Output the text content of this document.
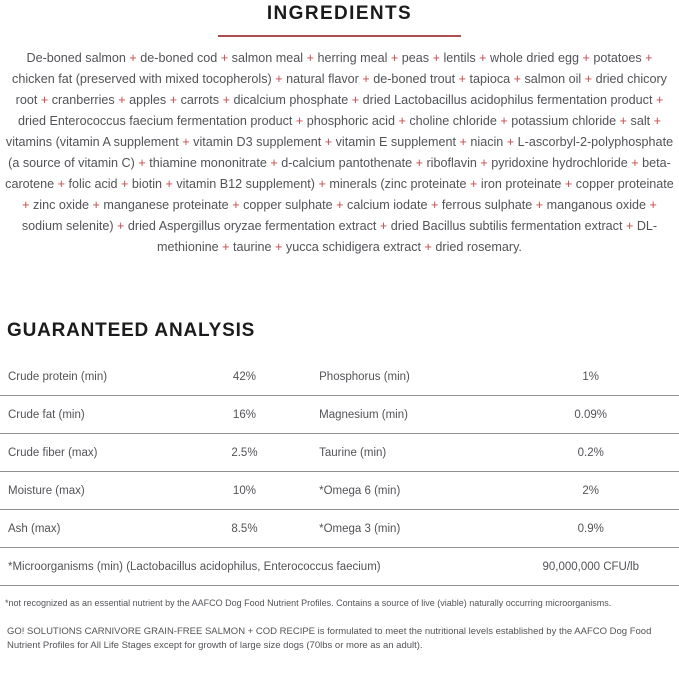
INGREDIENTS

De-boned salmon + de-boned cod + salmon meal + herring meal + peas + lentils + whole dried egg + potatoes + chicken fat (preserved with mixed tocopherols) + natural flavor + de-boned trout + tapioca + salmon oil + dried chicory root + cranberries + apples + carrots + dicalcium phosphate + dried Lactobacillus acidophilus fermentation product + dried Enterococcus faecium fermentation product + phosphoric acid + choline chloride + potassium chloride + salt + vitamins (vitamin A supplement + vitamin D3 supplement + vitamin E supplement + niacin + L-ascorbyl-2-polyphosphate (a source of vitamin C) + thiamine mononitrate + d-calcium pantothenate + riboflavin + pyridoxine hydrochloride + beta-carotene + folic acid + biotin + vitamin B12 supplement) + minerals (zinc proteinate + iron proteinate + copper proteinate + zinc oxide + manganese proteinate + copper sulphate + calcium iodate + ferrous sulphate + manganous oxide + sodium selenite) + dried Aspergillus oryzae fermentation extract + dried Bacillus subtilis fermentation extract + DL-methionine + taurine + yucca schidigera extract + dried rosemary.

GUARANTEED ANALYSIS
Crude protein (min)	42%	Phosphorus (min)	1%
Crude fat (min)	16%	Magnesium (min)	0.09%
Crude fiber (max)	2.5%	Taurine (min)	0.2%
Moisture (max)	10%	*Omega 6 (min)	2%
Ash (max)	8.5%	*Omega 3 (min)	0.9%
*Microorganisms (min) (Lactobacillus acidophilus, Enterococcus faecium)	90,000,000 CFU/lb
*not recognized as an essential nutrient by the AAFCO Dog Food Nutrient Profiles. Contains a source of live (viable) naturally occurring microorganisms.
GO! SOLUTIONS CARNIVORE GRAIN-FREE SALMON + COD RECIPE is formulated to meet the nutritional levels established by the AAFCO Dog Food Nutrient Profiles for All Life Stages except for growth of large size dogs (70lbs or more as an adult).
